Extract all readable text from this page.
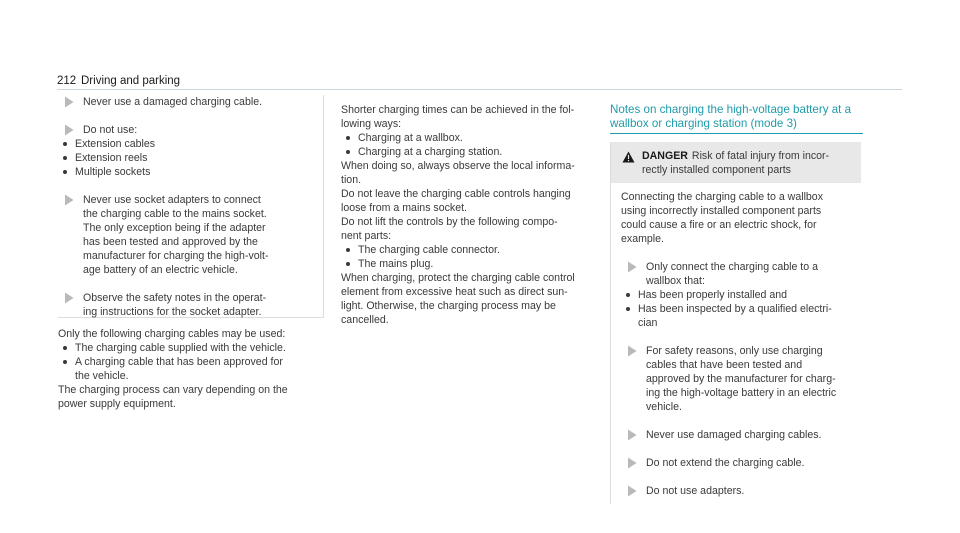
212 Driving and parking
Never use a damaged charging cable.
Do not use:
Extension cables
Extension reels
Multiple sockets
Never use socket adapters to connect
the charging cable to the mains socket.
The only exception being if the adapter
has been tested and approved by the
manufacturer for charging the high-volt-
age battery of an electric vehicle.
Observe the safety notes in the operat-
ing instructions for the socket adapter.
Only the following charging cables may be used:
The charging cable supplied with the vehicle.
A charging cable that has been approved for
the vehicle.
The charging process can vary depending on the
power supply equipment.
Shorter charging times can be achieved in the fol-
lowing ways:
Charging at a wallbox.
Charging at a charging station.
When doing so, always observe the local informa-
tion.
Do not leave the charging cable controls hanging
loose from a mains socket.
Do not lift the controls by the following compo-
nent parts:
The charging cable connector.
The mains plug.
When charging, protect the charging cable control
element from excessive heat such as direct sun-
light. Otherwise, the charging process may be
cancelled.
Notes on charging the high-voltage battery at a
wallbox or charging station (mode 3)
DANGER Risk of fatal injury from incor-
rectly installed component parts
Connecting the charging cable to a wallbox
using incorrectly installed component parts
could cause a fire or an electric shock, for
example.
Only connect the charging cable to a
wallbox that:
Has been properly installed and
Has been inspected by a qualified electri-
cian
For safety reasons, only use charging
cables that have been tested and
approved by the manufacturer for charg-
ing the high-voltage battery in an electric
vehicle.
Never use damaged charging cables.
Do not extend the charging cable.
Do not use adapters.
